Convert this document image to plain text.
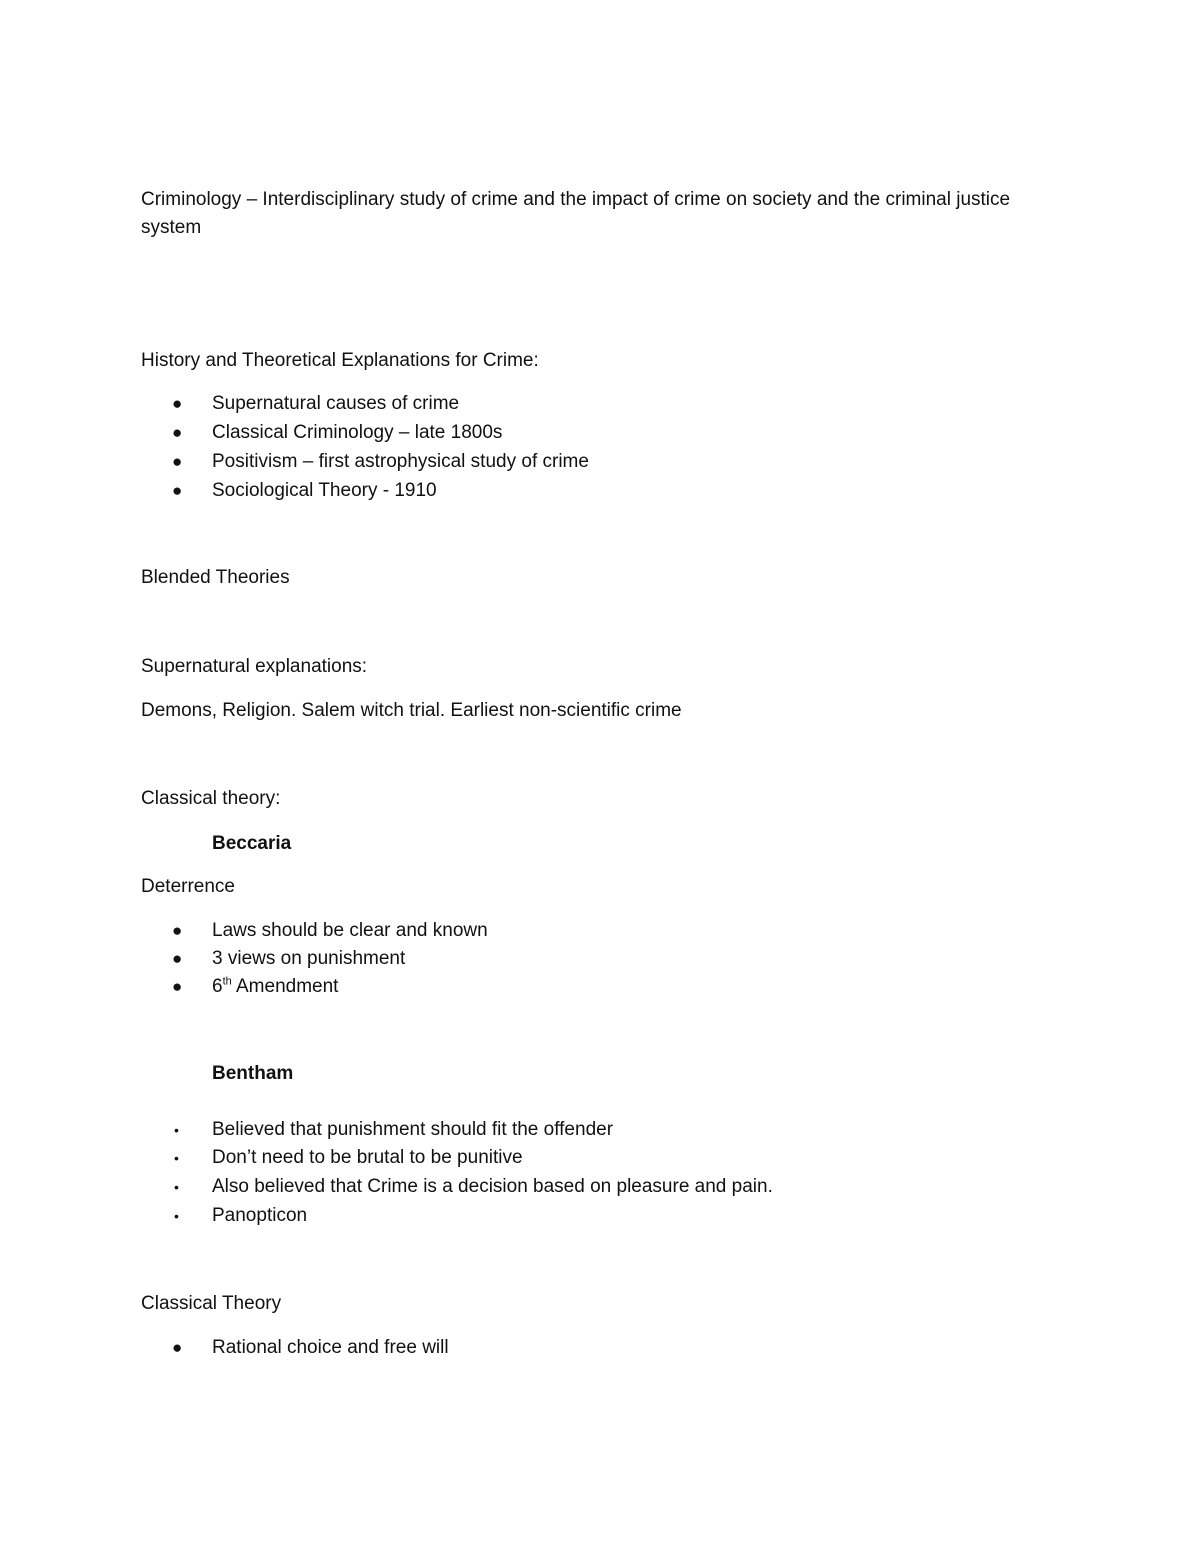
Criminology – Interdisciplinary study of crime and the impact of crime on society and the criminal justice
system
History and Theoretical Explanations for Crime:
● Supernatural causes of crime
● Classical Criminology – late 1800s
● Positivism – first astrophysical study of crime
● Sociological Theory - 1910
Blended Theories
Supernatural explanations:
Demons, Religion. Salem witch trial. Earliest non-scientific crime
Classical theory:
Beccaria
Deterrence
● Laws should be clear and known
● 3 views on punishment
● 6th Amendment
Bentham
• Believed that punishment should fit the offender
• Don’t need to be brutal to be punitive
• Also believed that Crime is a decision based on pleasure and pain.
• Panopticon
Classical Theory
● Rational choice and free will
